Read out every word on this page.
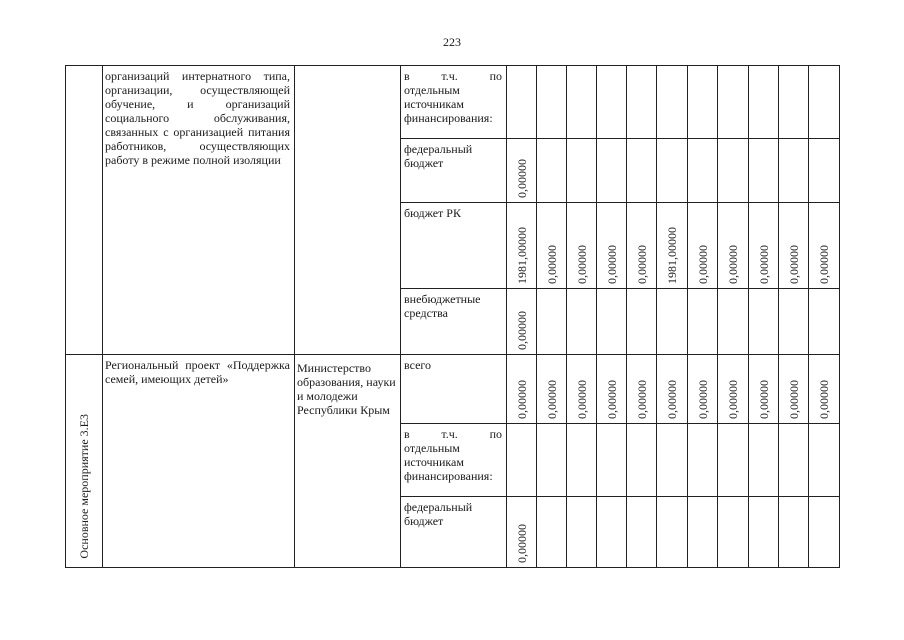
223
	организаций интернатного типа, организации, осуществляющей обучение, и организаций социального обслуживания, связанных с организацией питания работников, осуществляющих работу в режиме полной изоляции		в т.ч. по отдельным источникам финансирования:											
			федеральный бюджет	0,00000										

			бюджет РК	1981,00000	0,00000	0,00000	0,00000	0,00000	1981,00000	0,00000	0,00000	0,00000	0,00000	0,00000

			внебюджетные средства	0,00000										

Основное мероприятие 3.Е3	Региональный проект «Поддержка семей, имеющих детей»	Министерство образования, науки и молодежи Республики Крым	всего	0,00000	0,00000	0,00000	0,00000	0,00000	0,00000	0,00000	0,00000	0,00000	0,00000	0,00000

			в т.ч. по отдельным источникам финансирования:											
			федеральный бюджет	0,00000										
